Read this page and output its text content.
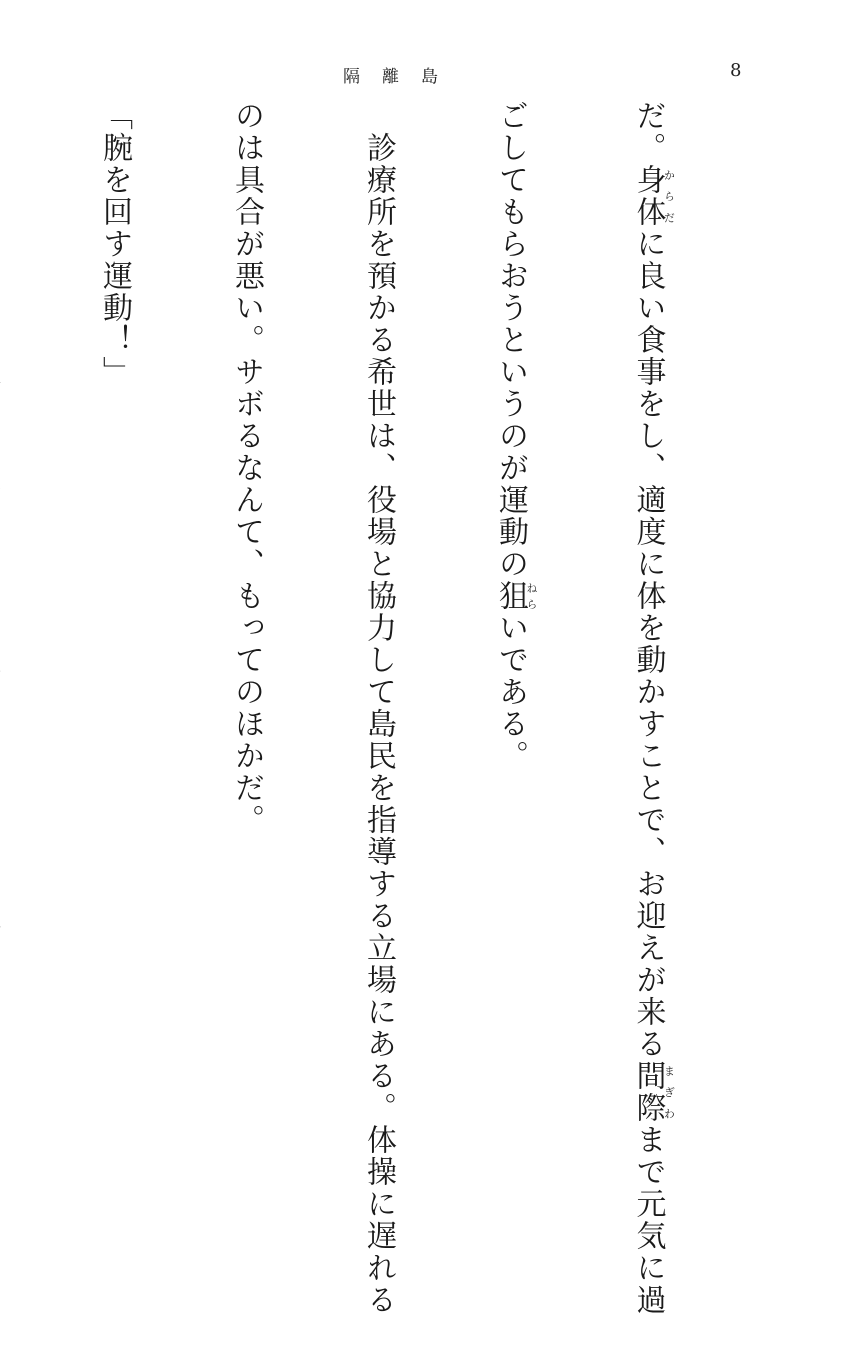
隔離島	8

だ。身体からだに良い食事をし、適度に体を動かすことで、お迎えが来る間際まぎわまで元気に過

ごしてもらおうというのが運動の狙ねらいである。

　診療所を預かる希世は、役場と協力して島民を指導する立場にある。体操に遅れる

のは具合が悪い。サボるなんて、もってのほかだ。

「腕を回す運動！」
